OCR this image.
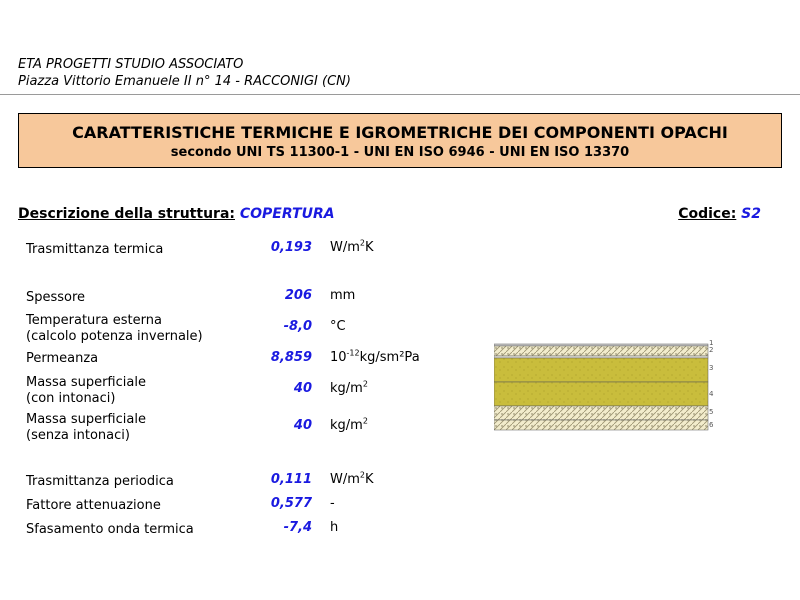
ETA PROGETTI STUDIO ASSOCIATO
Piazza Vittorio Emanuele II n° 14 - RACCONIGI (CN)
CARATTERISTICHE TERMICHE E IGROMETRICHE DEI COMPONENTI OPACHI
secondo UNI TS 11300-1 - UNI EN ISO 6946 - UNI EN ISO 13370
Descrizione della struttura: COPERTURA	Codice: S2
Trasmittanza termica	0,193 $W/m^2K$
Spessore	206 mm
Temperatura esterna
(calcolo potenza invernale)
-8,0 °C
Permeanza	8,859 $10^{-12}kg$/sm²Pa
Massa superficiale
(con intonaci)
40 $kg/m^2$
Massa superficiale
(senza intonaci)
40 $kg/m^2$
Trasmittanza periodica	0,111 $W/m^2K$
Fattore attenuazione	0,577 -
Sfasamento onda termica	-7,4 h
1
2
3
4
5
6
